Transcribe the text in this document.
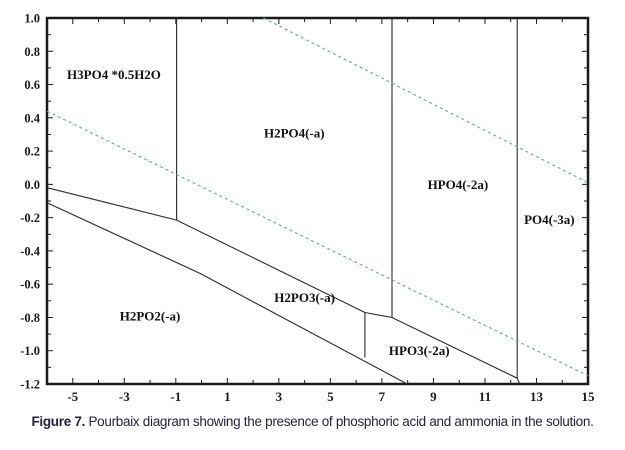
-5	-3	-1	1	3	5	7	9	11	13	15
1.0
0.8
0.6
0.4
0.2
0.0
-0.2
-0.4
-0.6
-0.8
-1.0
-1.2
H3PO4 *0.5H2O
H2PO4(-a)
HPO4(-2a)
PO4(-3a)
H2PO2(-a)
H2PO3(-a)
HPO3(-2a)
Figure 7. Pourbaix diagram showing the presence of phosphoric acid and ammonia in the solution.
